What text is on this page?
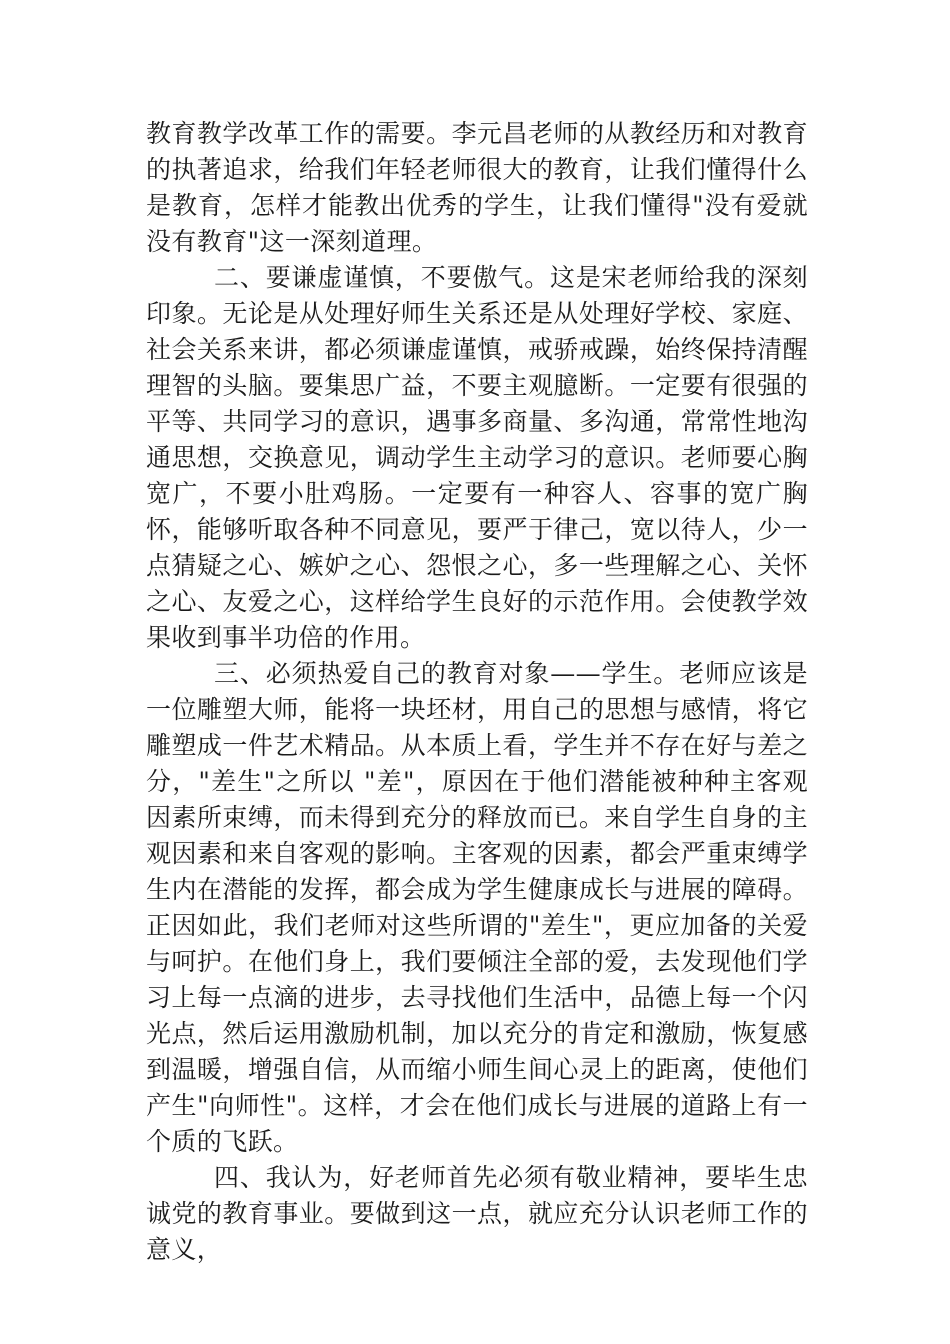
教育教学改革工作的需要。李元昌老师的从教经历和对教育的执著追求，给我们年轻老师很大的教育，让我们懂得什么是教育，怎样才能教出优秀的学生，让我们懂得"没有爱就没有教育"这一深刻道理。

二、要谦虚谨慎，不要傲气。这是宋老师给我的深刻印象。无论是从处理好师生关系还是从处理好学校、家庭、社会关系来讲，都必须谦虚谨慎，戒骄戒躁，始终保持清醒理智的头脑。要集思广益，不要主观臆断。一定要有很强的平等、共同学习的意识，遇事多商量、多沟通，常常性地沟通思想，交换意见，调动学生主动学习的意识。老师要心胸宽广，不要小肚鸡肠。一定要有一种容人、容事的宽广胸怀，能够听取各种不同意见，要严于律己，宽以待人，少一点猜疑之心、嫉妒之心、怨恨之心，多一些理解之心、关怀之心、友爱之心，这样给学生良好的示范作用。会使教学效果收到事半功倍的作用。

三、必须热爱自己的教育对象——学生。老师应该是一位雕塑大师，能将一块坯材，用自己的思想与感情，将它雕塑成一件艺术精品。从本质上看，学生并不存在好与差之分，"差生"之所以 "差"，原因在于他们潜能被种种主客观因素所束缚，而未得到充分的释放而已。来自学生自身的主观因素和来自客观的影响。主客观的因素，都会严重束缚学生内在潜能的发挥，都会成为学生健康成长与进展的障碍。正因如此，我们老师对这些所谓的"差生"，更应加备的关爱与呵护。在他们身上，我们要倾注全部的爱，去发现他们学习上每一点滴的进步，去寻找他们生活中，品德上每一个闪光点，然后运用激励机制，加以充分的肯定和激励，恢复感到温暖，增强自信，从而缩小师生间心灵上的距离，使他们产生"向师性"。这样，才会在他们成长与进展的道路上有一个质的飞跃。

四、我认为，好老师首先必须有敬业精神，要毕生忠诚党的教育事业。要做到这一点，就应充分认识老师工作的意义，
